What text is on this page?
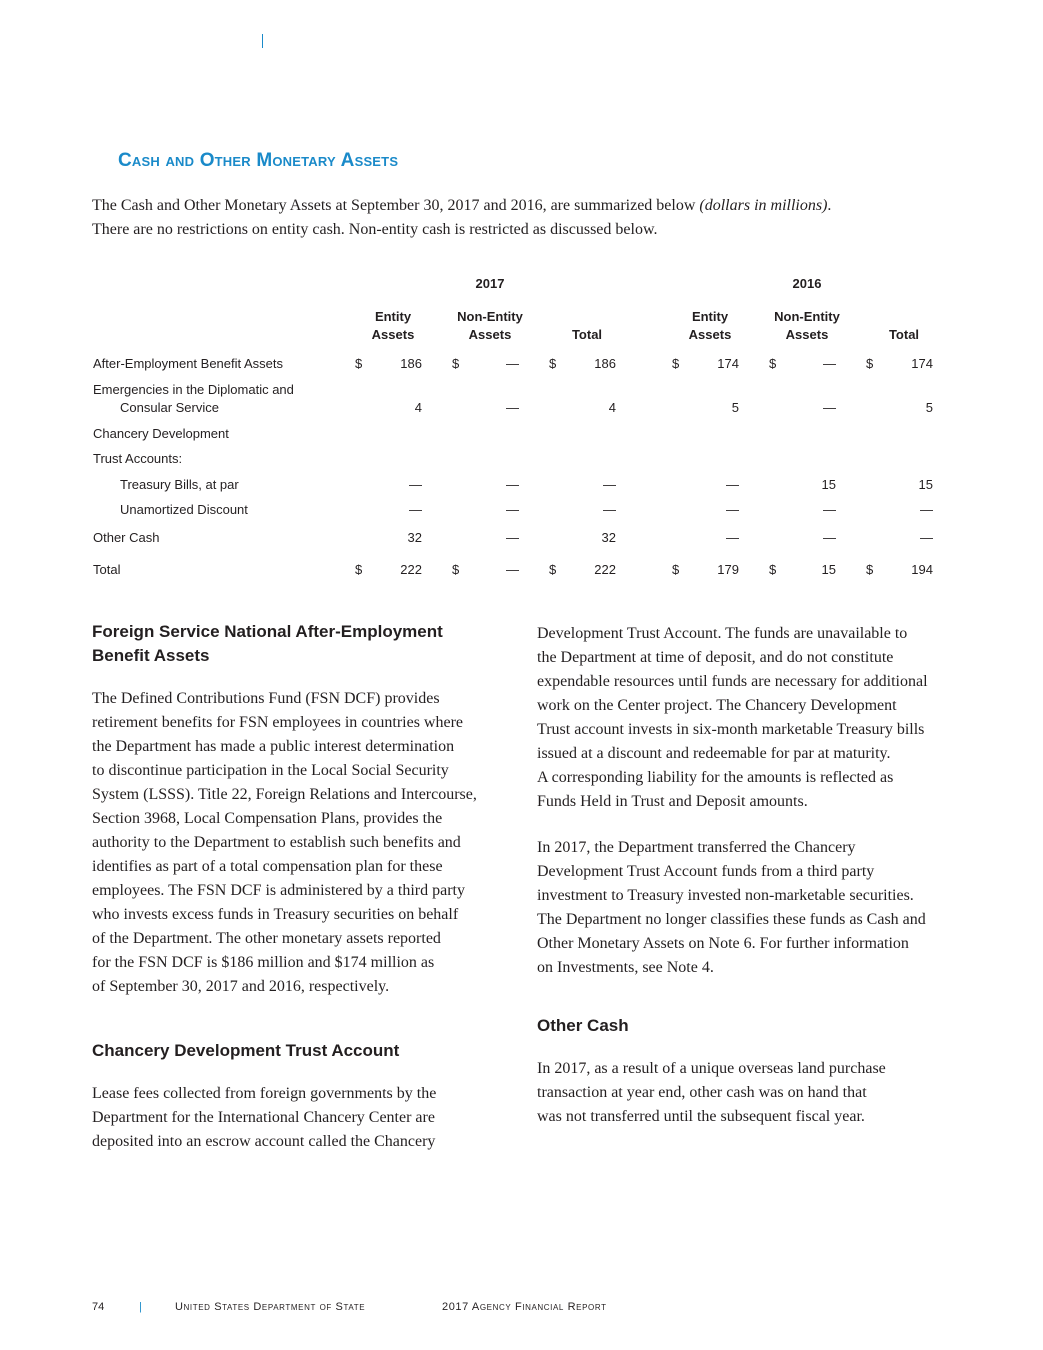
Cash and Other Monetary Assets

The Cash and Other Monetary Assets at September 30, 2017 and 2016, are summarized below (dollars in millions).

There are no restrictions on entity cash. Non-entity cash is restricted as discussed below.

2017	2016
Entity
Assets
Non-Entity
Assets	Total
Entity
Assets
Non-Entity
Assets	Total
After-Employment Benefit Assets	$	186 $	— $	186	$	174 $	— $	174
Emergencies in the Diplomatic and
Consular Service	4	—	4	5	—	5
Chancery Development
Trust Accounts:
Treasury Bills, at par	—	—	—	—	15	15
Unamortized Discount	—	—	—	—	—	—
Other Cash	32	—	32	—	—	—
Total	$	222 $	— $	222	$	179 $	15 $	194
Foreign Service National After-Employment
Benefit Assets

The Defined Contributions Fund (FSN DCF) provides

retirement benefits for FSN employees in countries where

the Department has made a public interest determination

to discontinue participation in the Local Social Security

System (LSSS). Title 22, Foreign Relations and Intercourse,

Section 3968, Local Compensation Plans, provides the

authority to the Department to establish such benefits and

identifies as part of a total compensation plan for these

employees. The FSN DCF is administered by a third party

who invests excess funds in Treasury securities on behalf

of the Department. The other monetary assets reported

for the FSN DCF is $186 million and $174 million as

of September 30, 2017 and 2016, respectively.

Chancery Development Trust Account

Lease fees collected from foreign governments by the

Department for the International Chancery Center are

deposited into an escrow account called the Chancery

Development Trust Account. The funds are unavailable to

the Department at time of deposit, and do not constitute

expendable resources until funds are necessary for additional

work on the Center project. The Chancery Development

Trust account invests in six-month marketable Treasury bills

issued at a discount and redeemable for par at maturity.

A corresponding liability for the amounts is reflected as

Funds Held in Trust and Deposit amounts.

In 2017, the Department transferred the Chancery

Development Trust Account funds from a third party

investment to Treasury invested non-marketable securities.

The Department no longer classifies these funds as Cash and

Other Monetary Assets on Note 6. For further information

on Investments, see Note 4.

Other Cash

In 2017, as a result of a unique overseas land purchase

transaction at year end, other cash was on hand that

was not transferred until the subsequent fiscal year.

74	|	United States Department of State	2017 Agency Financial Report
